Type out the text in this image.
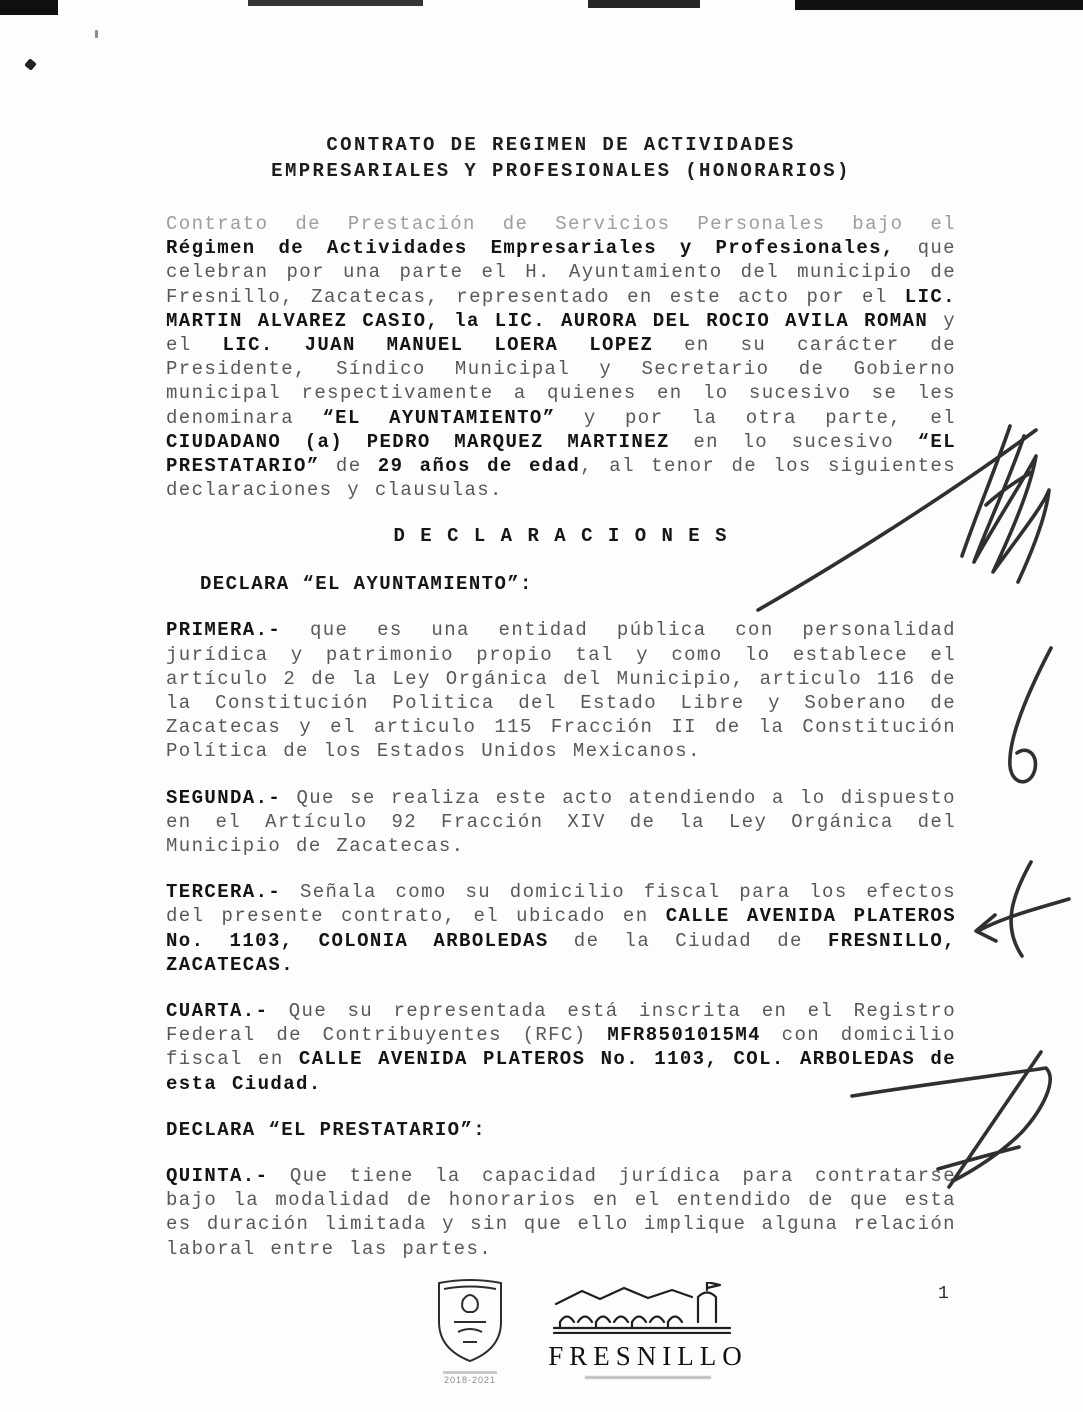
CONTRATO DE REGIMEN DE ACTIVIDADES
EMPRESARIALES Y PROFESIONALES (HONORARIOS)

Contrato de Prestación de Servicios Personales bajo el Régimen de Actividades Empresariales y Profesionales, que celebran por una parte el H. Ayuntamiento del municipio de Fresnillo, Zacatecas, representado en este acto por el LIC. MARTIN ALVAREZ CASIO, la LIC. AURORA DEL ROCIO AVILA ROMAN y el LIC. JUAN MANUEL LOERA LOPEZ en su carácter de Presidente, Síndico Municipal y Secretario de Gobierno municipal respectivamente a quienes en lo sucesivo se les denominara “EL AYUNTAMIENTO” y por la otra parte, el CIUDADANO (a) PEDRO MARQUEZ MARTINEZ en lo sucesivo “EL PRESTATARIO” de 29 años de edad, al tenor de los siguientes declaraciones y clausulas.

D E C L A R A C I O N E S
DECLARA “EL AYUNTAMIENTO”:

PRIMERA.- que es una entidad pública con personalidad jurídica y patrimonio propio tal y como lo establece el artículo 2 de la Ley Orgánica del Municipio, articulo 116 de la Constitución Politica del Estado Libre y Soberano de Zacatecas y el articulo 115 Fracción II de la Constitución Política de los Estados Unidos Mexicanos.

SEGUNDA.- Que se realiza este acto atendiendo a lo dispuesto en el Artículo 92 Fracción XIV de la Ley Orgánica del Municipio de Zacatecas.

TERCERA.- Señala como su domicilio fiscal para los efectos del presente contrato, el ubicado en CALLE AVENIDA PLATEROS No. 1103, COLONIA ARBOLEDAS de la Ciudad de FRESNILLO, ZACATECAS.

CUARTA.- Que su representada está inscrita en el Registro Federal de Contribuyentes (RFC) MFR8501015M4 con domicilio fiscal en CALLE AVENIDA PLATEROS No. 1103, COL. ARBOLEDAS de esta Ciudad.

DECLARA “EL PRESTATARIO”:

QUINTA.- Que tiene la capacidad jurídica para contratarse bajo la modalidad de honorarios en el entendido de que esta es duración limitada y sin que ello implique alguna relación laboral entre las partes.

1
2018-2021
FRESNILLO
